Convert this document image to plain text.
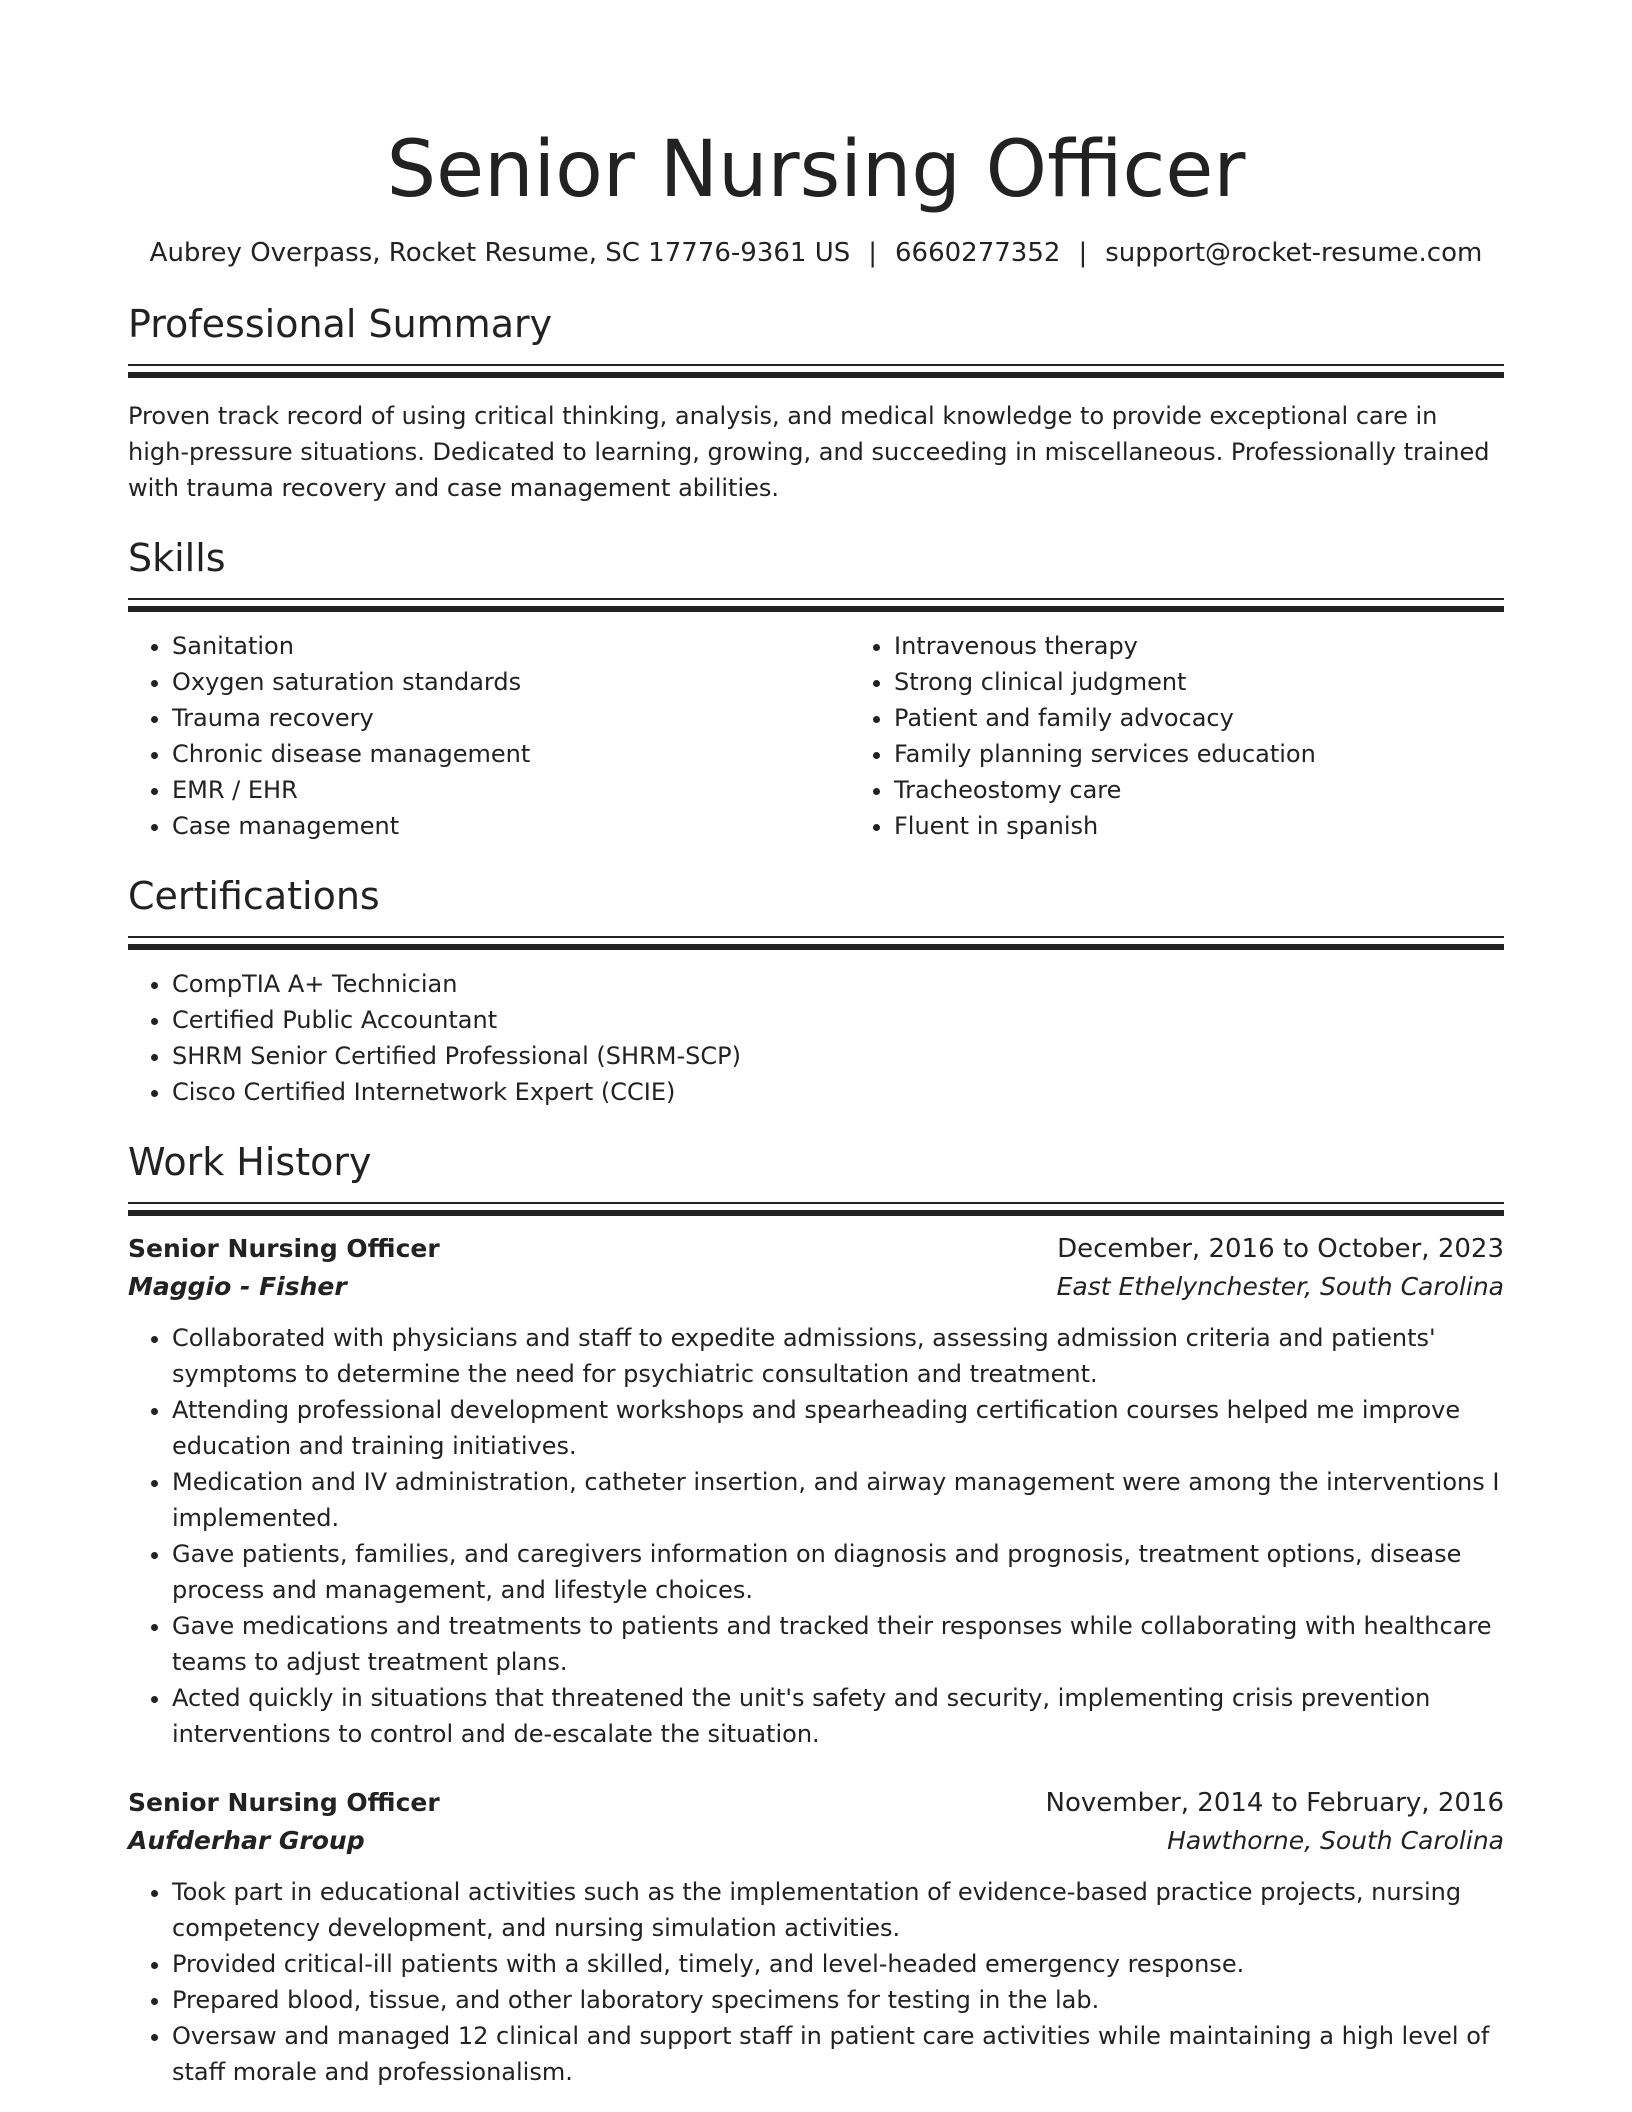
Senior Nursing Officer
Aubrey Overpass, Rocket Resume, SC 17776-9361 US | 6660277352 | support@rocket-resume.com
Professional Summary

Proven track record of using critical thinking, analysis, and medical knowledge to provide exceptional care in high-pressure situations. Dedicated to learning, growing, and succeeding in miscellaneous. Professionally trained with trauma recovery and case management abilities.

Skills
• Sanitation
• Oxygen saturation standards
• Trauma recovery
• Chronic disease management
• EMR / EHR
• Case management
• Intravenous therapy
• Strong clinical judgment
• Patient and family advocacy
• Family planning services education
• Tracheostomy care
• Fluent in spanish
Certifications
• CompTIA A+ Technician
• Certified Public Accountant
• SHRM Senior Certified Professional (SHRM-SCP)
• Cisco Certified Internetwork Expert (CCIE)
Work History
Senior Nursing Officer	December, 2016 to October, 2023
Maggio - Fisher	East Ethelynchester, South Carolina
• Collaborated with physicians and staff to expedite admissions, assessing admission criteria and patients' symptoms to determine the need for psychiatric consultation and treatment.
• Attending professional development workshops and spearheading certification courses helped me improve education and training initiatives.
• Medication and IV administration, catheter insertion, and airway management were among the interventions I implemented.
• Gave patients, families, and caregivers information on diagnosis and prognosis, treatment options, disease process and management, and lifestyle choices.
• Gave medications and treatments to patients and tracked their responses while collaborating with healthcare teams to adjust treatment plans.
• Acted quickly in situations that threatened the unit's safety and security, implementing crisis prevention interventions to control and de-escalate the situation.
Senior Nursing Officer	November, 2014 to February, 2016
Aufderhar Group	Hawthorne, South Carolina
• Took part in educational activities such as the implementation of evidence-based practice projects, nursing competency development, and nursing simulation activities.
• Provided critical-ill patients with a skilled, timely, and level-headed emergency response.
• Prepared blood, tissue, and other laboratory specimens for testing in the lab.
• Oversaw and managed 12 clinical and support staff in patient care activities while maintaining a high level of staff morale and professionalism.
